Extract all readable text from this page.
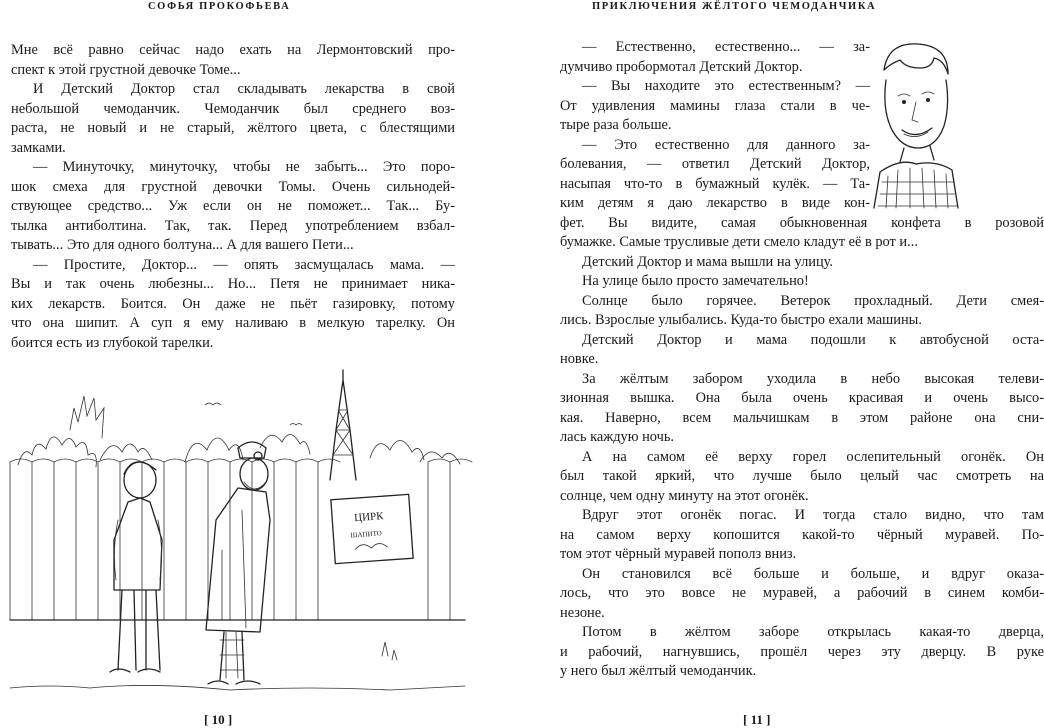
СОФЬЯ ПРОКОФЬЕВА
Мне всё равно сейчас надо ехать на Лермонтовский про-
спект к этой грустной девочке Томе...
И Детский Доктор стал складывать лекарства в свой
небольшой чемоданчик. Чемоданчик был среднего воз-
раста, не новый и не старый, жёлтого цвета, с блестящими
замками.
— Минуточку, минуточку, чтобы не забыть... Это поро-
шок смеха для грустной девочки Томы. Очень сильнодей-
ствующее средство... Уж если он не поможет... Так... Бу-
тылка антиболтина. Так, так. Перед употреблением взбал-
тывать... Это для одного болтуна... А для вашего Пети...
— Простите, Доктор... — опять засмущалась мама. —
Вы и так очень любезны... Но... Петя не принимает ника-
ких лекарств. Боится. Он даже не пьёт газировку, потому
что она шипит. А суп я ему наливаю в мелкую тарелку. Он
боится есть из глубокой тарелки.
ЦИРК
ШАПИТО
[ 10 ]
ПРИКЛЮЧЕНИЯ ЖЁЛТОГО ЧЕМОДАНЧИКА
— Естественно, естественно... — за-
думчиво пробормотал Детский Доктор.
— Вы находите это естественным? —
От удивления мамины глаза стали в че-
тыре раза больше.
— Это естественно для данного за-
болевания, — ответил Детский Доктор,
насыпая что-то в бумажный кулёк. — Та-
ким детям я даю лекарство в виде кон-
фет. Вы видите, самая обыкновенная конфета в розовой
бумажке. Самые трусливые дети смело кладут её в рот и...
Детский Доктор и мама вышли на улицу.
На улице было просто замечательно!
Солнце было горячее. Ветерок прохладный. Дети смея-
лись. Взрослые улыбались. Куда-то быстро ехали машины.
Детский Доктор и мама подошли к автобусной оста-
новке.
За жёлтым забором уходила в небо высокая телеви-
зионная вышка. Она была очень красивая и очень высо-
кая. Наверно, всем мальчишкам в этом районе она сни-
лась каждую ночь.
А на самом её верху горел ослепительный огонёк. Он
был такой яркий, что лучше было целый час смотреть на
солнце, чем одну минуту на этот огонёк.
Вдруг этот огонёк погас. И тогда стало видно, что там
на самом верху копошится какой-то чёрный муравей. По-
том этот чёрный муравей пополз вниз.
Он становился всё больше и больше, и вдруг оказа-
лось, что это вовсе не муравей, а рабочий в синем комби-
незоне.
Потом в жёлтом заборе открылась какая-то дверца,
и рабочий, нагнувшись, прошёл через эту дверцу. В руке
у него был жёлтый чемоданчик.
[ 11 ]
